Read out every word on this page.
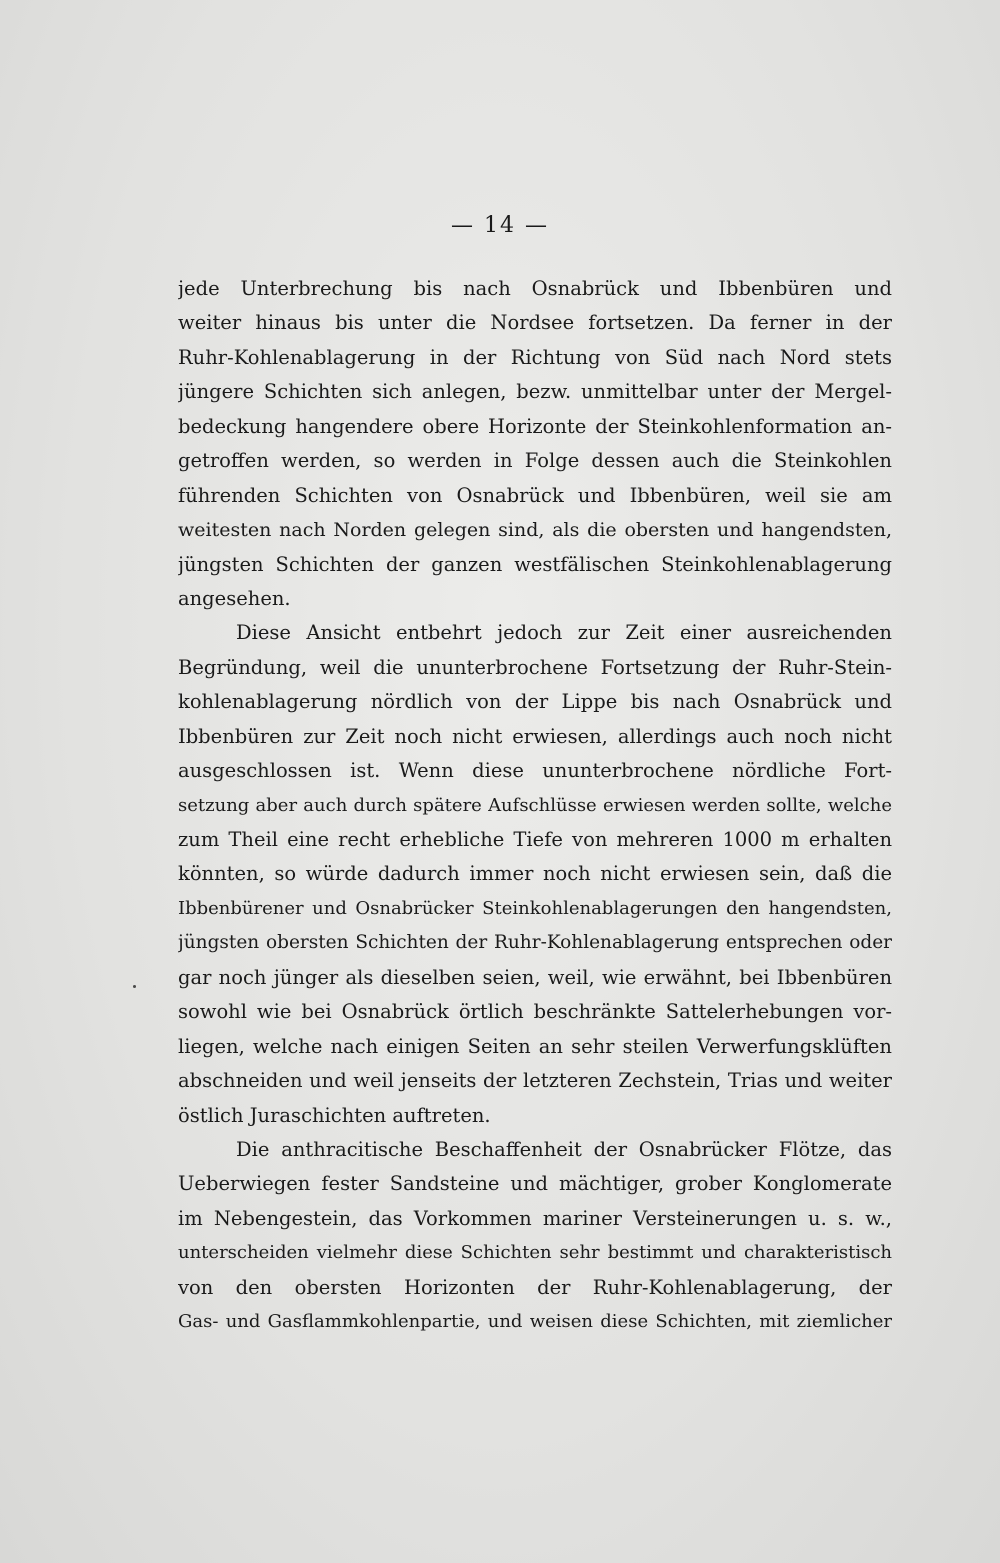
— 14 —
jede Unterbrechung bis nach Osnabrück und Ibbenbüren und
weiter hinaus bis unter die Nordsee fortsetzen. Da ferner in der
Ruhr-Kohlenablagerung in der Richtung von Süd nach Nord stets
jüngere Schichten sich anlegen, bezw. unmittelbar unter der Mergel-
bedeckung hangendere obere Horizonte der Steinkohlenformation an-
getroffen werden, so werden in Folge dessen auch die Steinkohlen
führenden Schichten von Osnabrück und Ibbenbüren, weil sie am
weitesten nach Norden gelegen sind, als die obersten und hangendsten,
jüngsten Schichten der ganzen westfälischen Steinkohlenablagerung
angesehen.
Diese Ansicht entbehrt jedoch zur Zeit einer ausreichenden
Begründung, weil die ununterbrochene Fortsetzung der Ruhr-Stein-
kohlenablagerung nördlich von der Lippe bis nach Osnabrück und
Ibbenbüren zur Zeit noch nicht erwiesen, allerdings auch noch nicht
ausgeschlossen ist. Wenn diese ununterbrochene nördliche Fort-
setzung aber auch durch spätere Aufschlüsse erwiesen werden sollte, welche
zum Theil eine recht erhebliche Tiefe von mehreren 1000 m erhalten
könnten, so würde dadurch immer noch nicht erwiesen sein, daß die
Ibbenbürener und Osnabrücker Steinkohlenablagerungen den hangendsten,
jüngsten obersten Schichten der Ruhr-Kohlenablagerung entsprechen oder
gar noch jünger als dieselben seien, weil, wie erwähnt, bei Ibbenbüren
sowohl wie bei Osnabrück örtlich beschränkte Sattelerhebungen vor-
liegen, welche nach einigen Seiten an sehr steilen Verwerfungsklüften
abschneiden und weil jenseits der letzteren Zechstein, Trias und weiter
östlich Juraschichten auftreten.
Die anthracitische Beschaffenheit der Osnabrücker Flötze, das
Ueberwiegen fester Sandsteine und mächtiger, grober Konglomerate
im Nebengestein, das Vorkommen mariner Versteinerungen u. s. w.,
unterscheiden vielmehr diese Schichten sehr bestimmt und charakteristisch
von den obersten Horizonten der Ruhr-Kohlenablagerung, der
Gas- und Gasflammkohlenpartie, und weisen diese Schichten, mit ziemlicher
